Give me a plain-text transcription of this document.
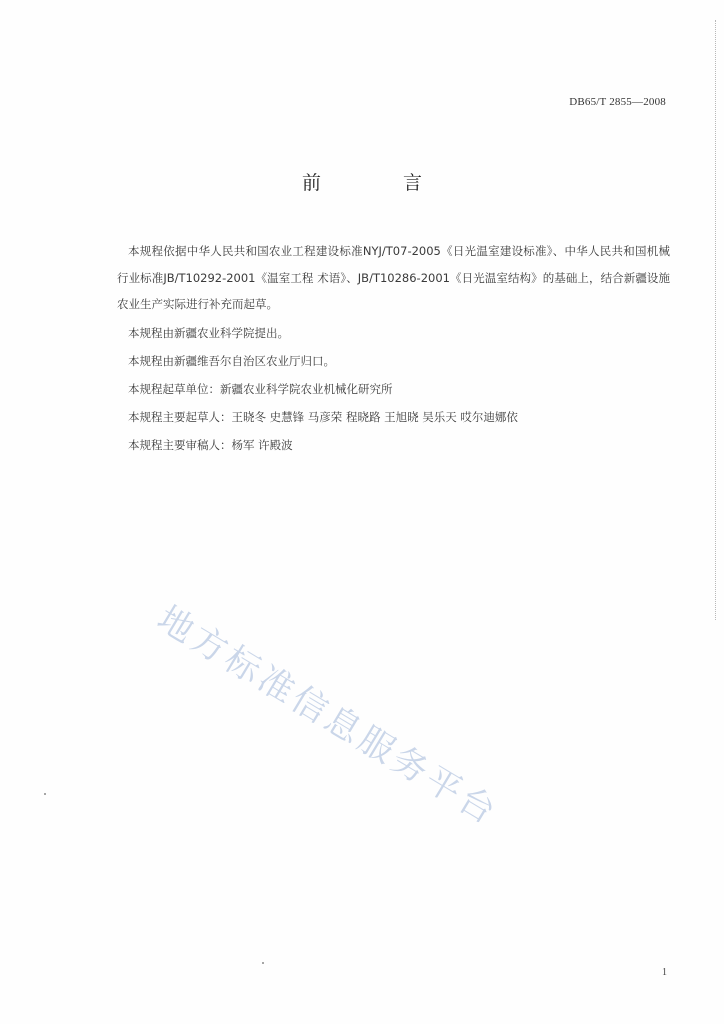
DB65/T 2855—2008
前 言

本规程依据中华人民共和国农业工程建设标准NYJ/T07-2005《日光温室建设标准》、中华人民共和国机械行业标准JB/T10292-2001《温室工程 术语》、JB/T10286-2001《日光温室结构》的基础上，结合新疆设施农业生产实际进行补充而起草。

本规程由新疆农业科学院提出。

本规程由新疆维吾尔自治区农业厅归口。

本规程起草单位：新疆农业科学院农业机械化研究所

本规程主要起草人：王晓冬 史慧锋 马彦荣 程晓路 王旭晓 吴乐天 哎尔迪娜依

本规程主要审稿人：杨军 许殿波

地方标准信息服务平台
1
